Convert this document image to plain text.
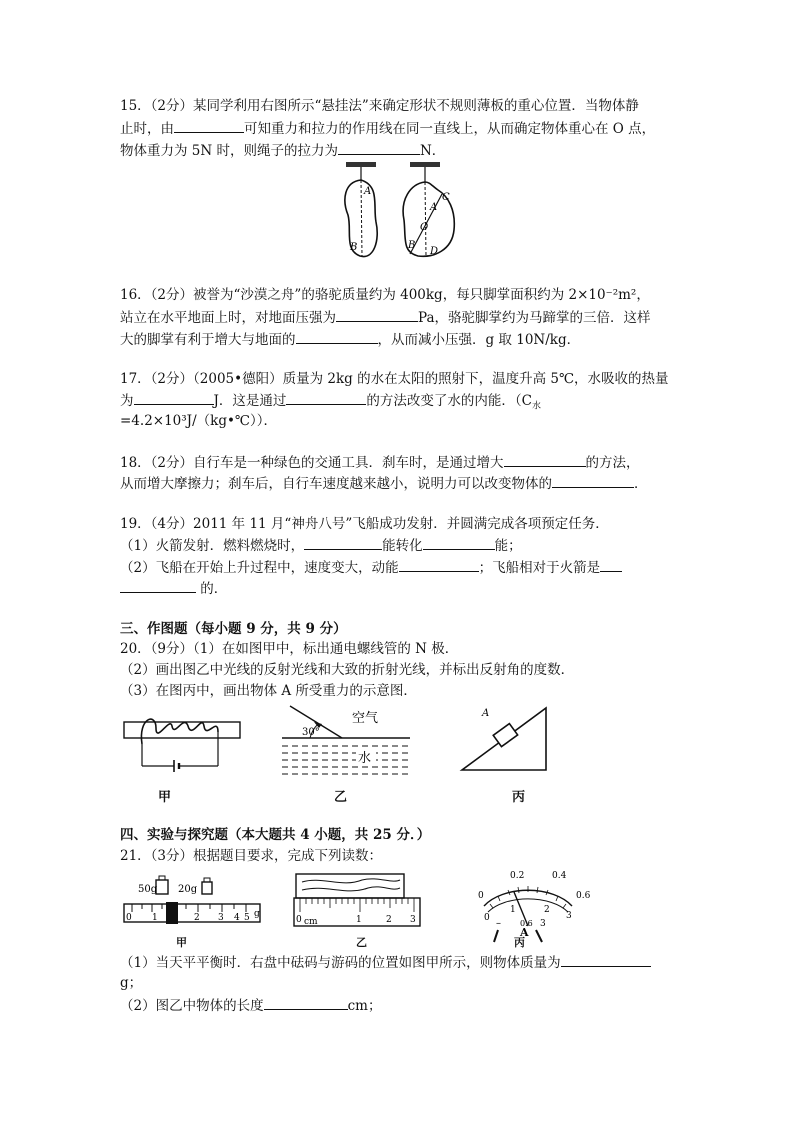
15．（2分）某同学利用右图所示“悬挂法”来确定形状不规则薄板的重心位置．当物体静
止时，由	可知重力和拉力的作用线在同一直线上，从而确定物体重心在 O 点，
物体重力为 5N 时，则绳子的拉力为	N．
A
B
C
A
O
B
D
16．（2分）被誉为“沙漠之舟”的骆驼质量约为 400kg，每只脚掌面积约为 2×10⁻²m²，
站立在水平地面上时，对地面压强为	Pa，骆驼脚掌约为马蹄掌的三倍．这样
大的脚掌有利于增大与地面的	，从而减小压强．g 取 10N/kg．
17．（2分）（2005•德阳）质量为 2kg 的水在太阳的照射下，温度升高 5℃，水吸收的热量
为	J．这是通过	的方法改变了水的内能．（$C_水$
=4.2×10³J/（kg•℃））．
18．（2分）自行车是一种绿色的交通工具．刹车时，是通过增大	的方法，
从而增大摩擦力；刹车后，自行车速度越来越小，说明力可以改变物体的	．
19．（4分）2011 年 11 月“神舟八号”飞船成功发射．并圆满完成各项预定任务．
（1）火箭发射．燃料燃烧时，	能转化	能；
（2）飞船在开始上升过程中，速度变大，动能	；飞船相对于火箭是
的．
三、作图题（每小题 9 分，共 9 分）
20．（9分）（1）在如图甲中，标出通电螺线管的 N 极．
（2）画出图乙中光线的反射光线和大致的折射光线，并标出反射角的度数．
（3）在图丙中，画出物体 A 所受重力的示意图．
甲
30°
空气
水
乙
A
丙
四、实验与探究题（本大题共 4 小题，共 25 分．）
21．（3分）根据题目要求，完成下列读数：
50g 20g
0 1	2 3 4 5 g
甲
0 cm	1	2 3
乙
0.2	0.4
0	0.6
0
1	2
3
– 0.6 3
A
丙
（1）当天平平衡时．右盘中砝码与游码的位置如图甲所示，则物体质量为
g；
（2）图乙中物体的长度	cm；
